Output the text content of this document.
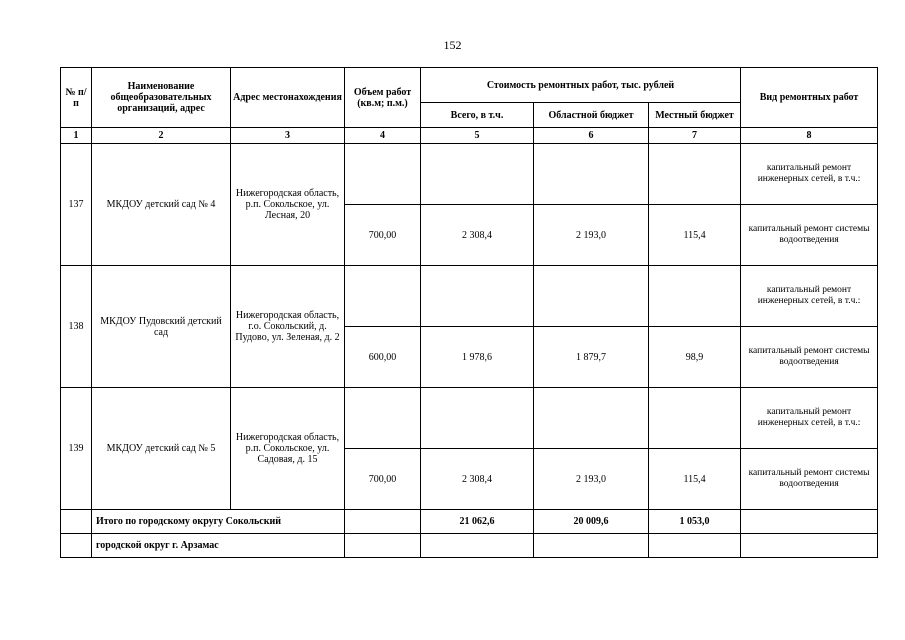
152
№ п/п	Наименование общеобразовательных организаций, адрес	Адрес местонахождения	Объем работ (кв.м; п.м.)	Стоимость ремонтных работ, тыс. рублей			Вид ремонтных работ
				Всего, в т.ч.	Областной бюджет	Местный бюджет	
1	2	3	4	5	6	7	8
137	МКДОУ детский сад № 4	Нижегородская область, р.п. Сокольское, ул. Лесная, 20					капитальный ремонт инженерных сетей, в т.ч.:
			700,00	2 308,4	2 193,0	115,4	капитальный ремонт системы водоотведения
138	МКДОУ Пудовский детский сад	Нижегородская область, г.о. Сокольский, д. Пудово, ул. Зеленая, д. 2					капитальный ремонт инженерных сетей, в т.ч.:
			600,00	1 978,6	1 879,7	98,9	капитальный ремонт системы водоотведения
139	МКДОУ детский сад № 5	Нижегородская область, р.п. Сокольское, ул. Садовая, д. 15					капитальный ремонт инженерных сетей, в т.ч.:
			700,00	2 308,4	2 193,0	115,4	капитальный ремонт системы водоотведения
	Итого по городскому округу Сокольский			21 062,6	20 009,6	1 053,0	
	городской округ г. Арзамас						
